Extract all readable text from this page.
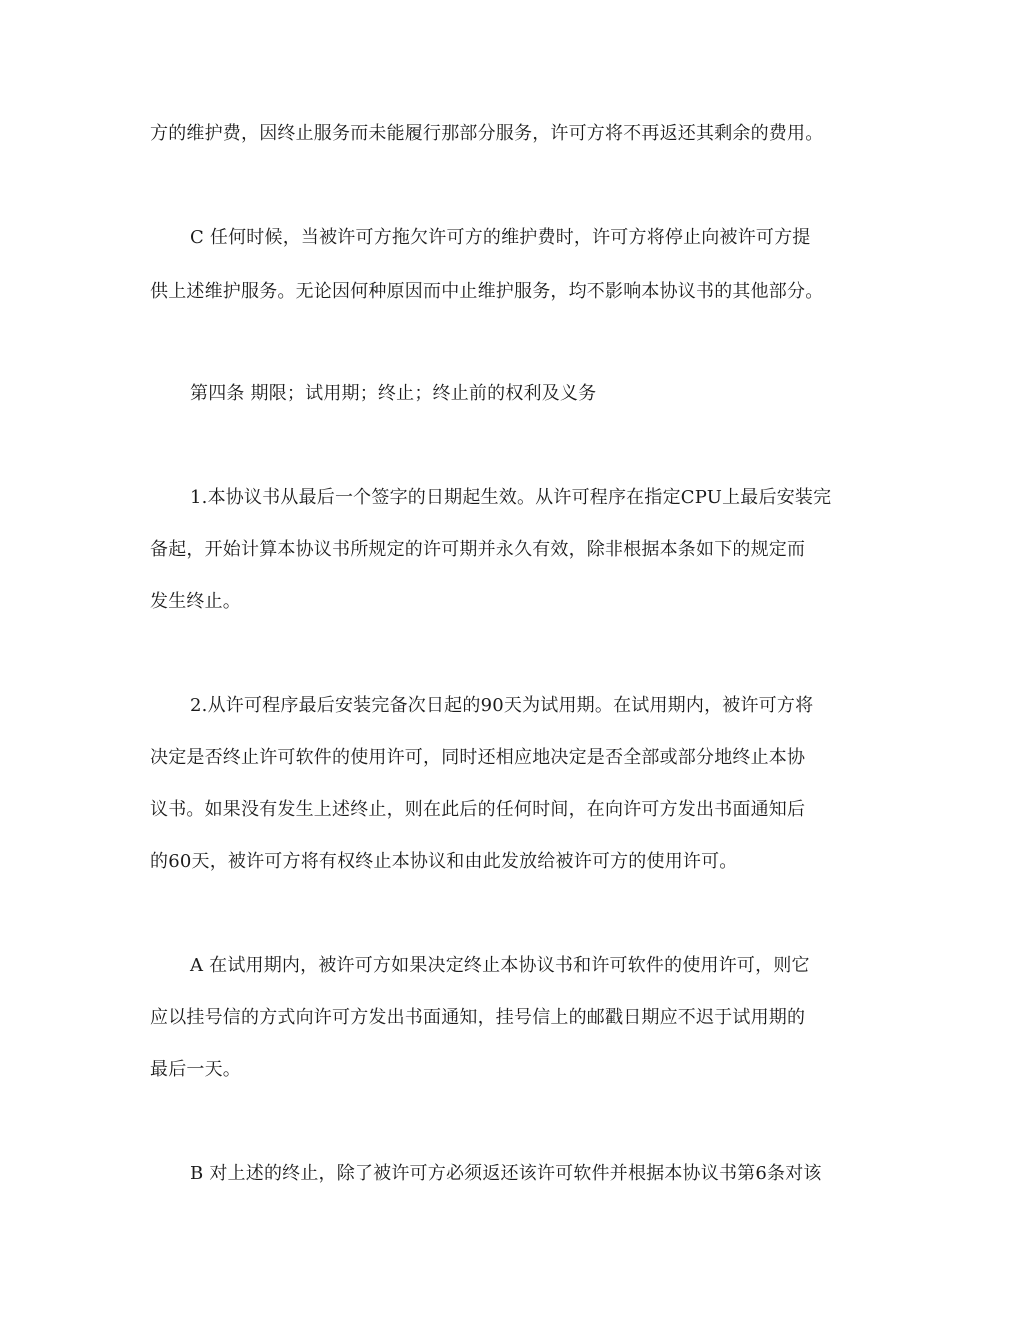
方的维护费，因终止服务而未能履行那部分服务，许可方将不再返还其剩余的费用。
C 任何时候，当被许可方拖欠许可方的维护费时，许可方将停止向被许可方提
供上述维护服务。无论因何种原因而中止维护服务，均不影响本协议书的其他部分。
第四条 期限；试用期；终止；终止前的权利及义务
1.本协议书从最后一个签字的日期起生效。从许可程序在指定CPU上最后安装完
备起，开始计算本协议书所规定的许可期并永久有效，除非根据本条如下的规定而
发生终止。
2.从许可程序最后安装完备次日起的90天为试用期。在试用期内，被许可方将
决定是否终止许可软件的使用许可，同时还相应地决定是否全部或部分地终止本协
议书。如果没有发生上述终止，则在此后的任何时间，在向许可方发出书面通知后
的60天，被许可方将有权终止本协议和由此发放给被许可方的使用许可。
A 在试用期内，被许可方如果决定终止本协议书和许可软件的使用许可，则它
应以挂号信的方式向许可方发出书面通知，挂号信上的邮戳日期应不迟于试用期的
最后一天。
B 对上述的终止，除了被许可方必须返还该许可软件并根据本协议书第6条对该
